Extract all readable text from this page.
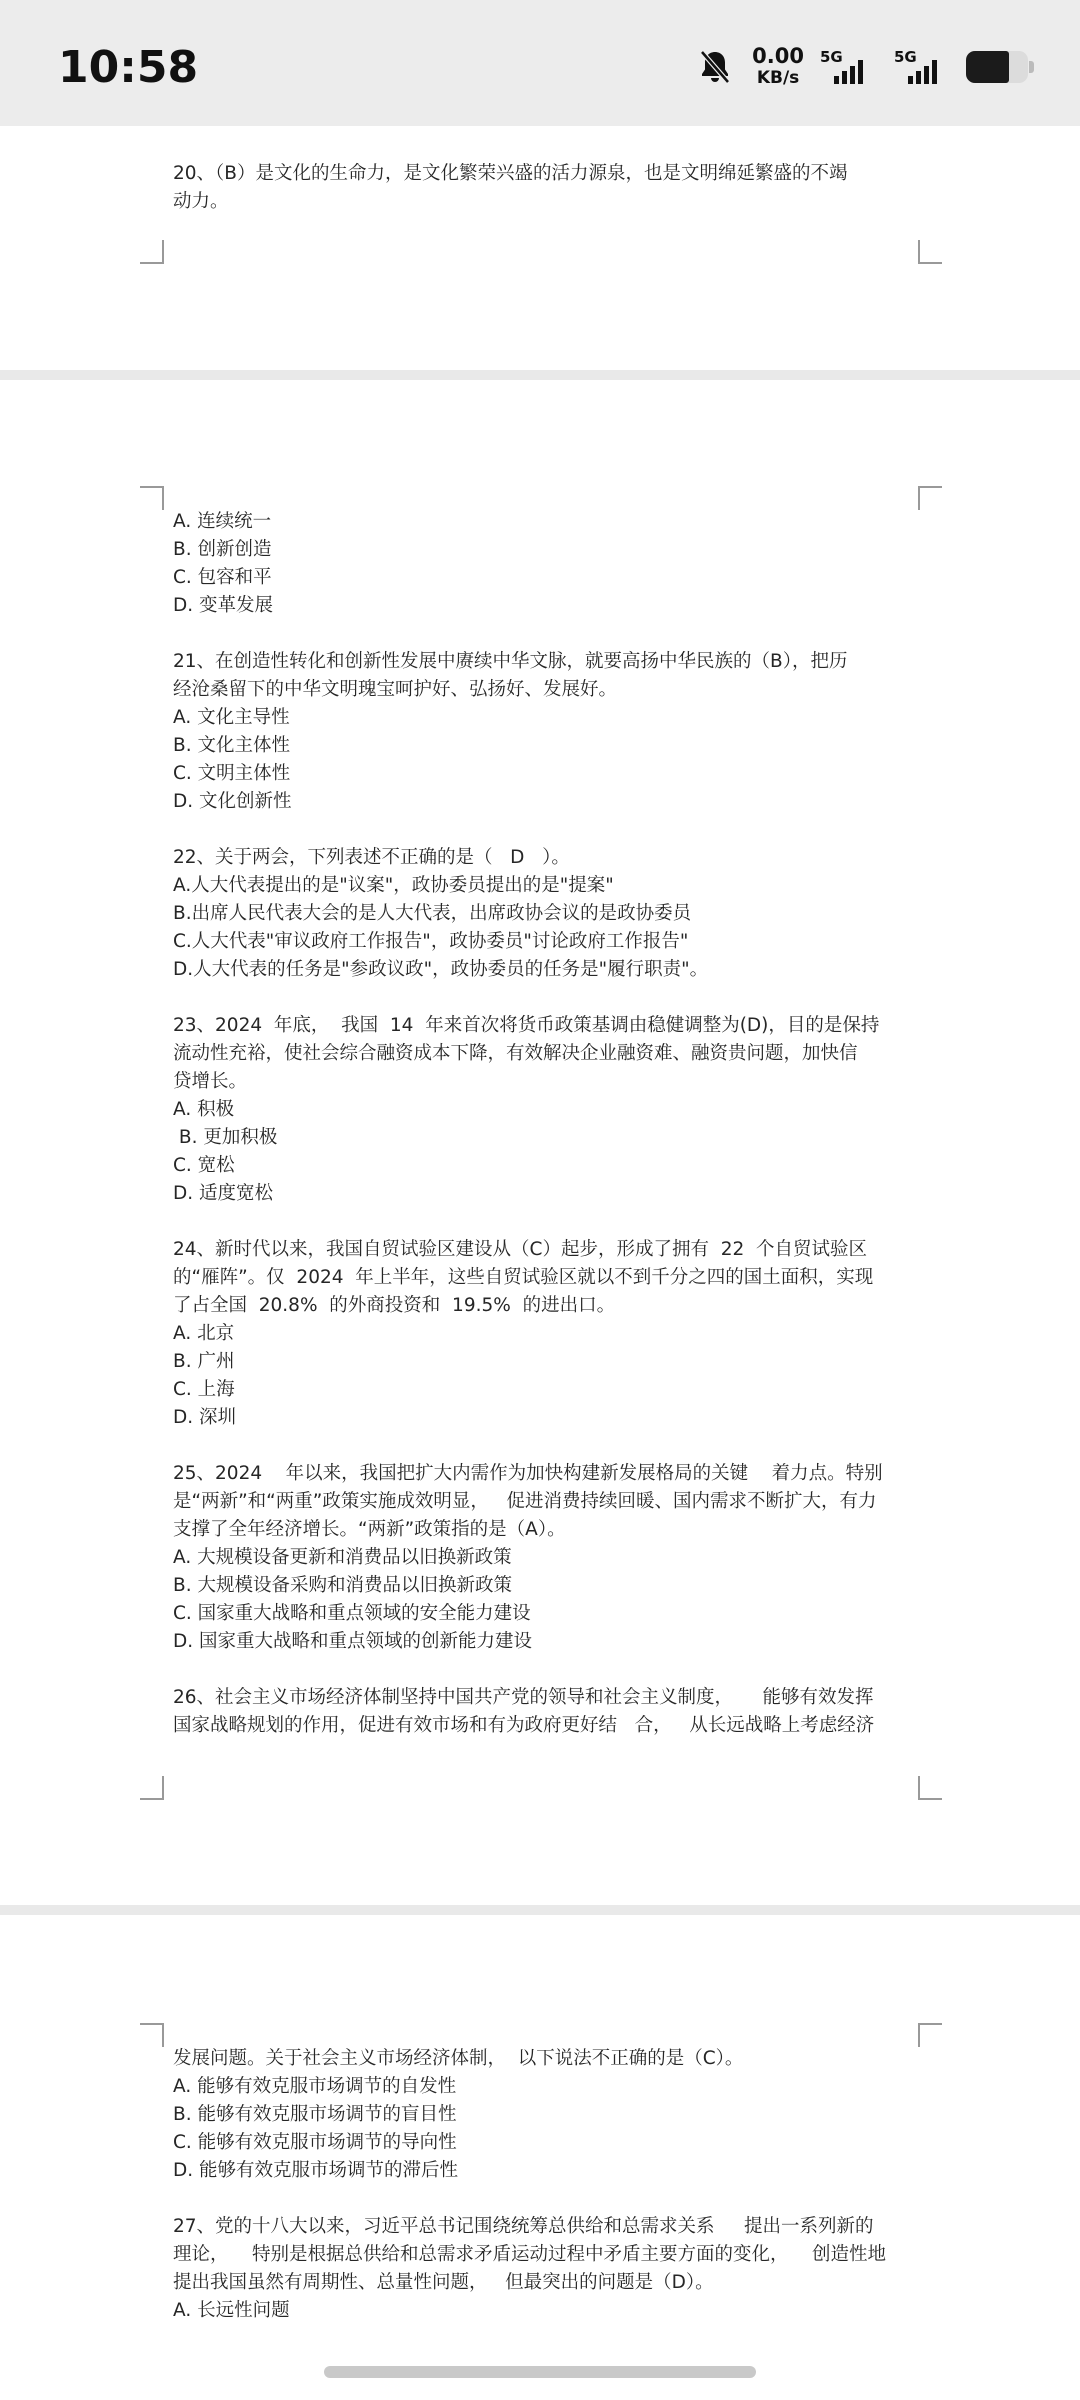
10:58	0.00
KB/s
5G	5G
20、（B）是文化的生命力，是文化繁荣兴盛的活力源泉，也是文明绵延繁盛的不竭
动力。
A. 连续统一
B. 创新创造
C. 包容和平
D. 变革发展
21、在创造性转化和创新性发展中赓续中华文脉，就要高扬中华民族的（B），把历
经沧桑留下的中华文明瑰宝呵护好、弘扬好、发展好。
A. 文化主导性
B. 文化主体性
C. 文明主体性
D. 文化创新性
22、关于两会，下列表述不正确的是（   D   ）。
A.人大代表提出的是"议案"，政协委员提出的是"提案"
B.出席人民代表大会的是人大代表，出席政协会议的是政协委员
C.人大代表"审议政府工作报告"，政协委员"讨论政府工作报告"
D.人大代表的任务是"参政议政"，政协委员的任务是"履行职责"。
23、2024  年底，  我国  14  年来首次将货币政策基调由稳健调整为(D)，目的是保持
流动性充裕，使社会综合融资成本下降，有效解决企业融资难、融资贵问题，加快信
贷增长。
A. 积极
B. 更加积极
C. 宽松
D. 适度宽松
24、新时代以来，我国自贸试验区建设从（C）起步，形成了拥有  22  个自贸试验区
的“雁阵”。仅  2024  年上半年，这些自贸试验区就以不到千分之四的国土面积，实现
了占全国  20.8%  的外商投资和  19.5%  的进出口。
A. 北京
B. 广州
C. 上海
D. 深圳
25、2024    年以来，我国把扩大内需作为加快构建新发展格局的关键    着力点。特别
是“两新”和“两重”政策实施成效明显，   促进消费持续回暖、国内需求不断扩大，有力
支撑了全年经济增长。“两新”政策指的是（A）。
A. 大规模设备更新和消费品以旧换新政策
B. 大规模设备采购和消费品以旧换新政策
C. 国家重大战略和重点领域的安全能力建设
D. 国家重大战略和重点领域的创新能力建设
26、社会主义市场经济体制坚持中国共产党的领导和社会主义制度，     能够有效发挥
国家战略规划的作用，促进有效市场和有为政府更好结   合，   从长远战略上考虑经济
发展问题。关于社会主义市场经济体制，  以下说法不正确的是（C）。
A. 能够有效克服市场调节的自发性
B. 能够有效克服市场调节的盲目性
C. 能够有效克服市场调节的导向性
D. 能够有效克服市场调节的滞后性
27、党的十八大以来，习近平总书记围绕统筹总供给和总需求关系     提出一系列新的
理论，    特别是根据总供给和总需求矛盾运动过程中矛盾主要方面的变化，    创造性地
提出我国虽然有周期性、总量性问题，   但最突出的问题是（D）。
A. 长远性问题
